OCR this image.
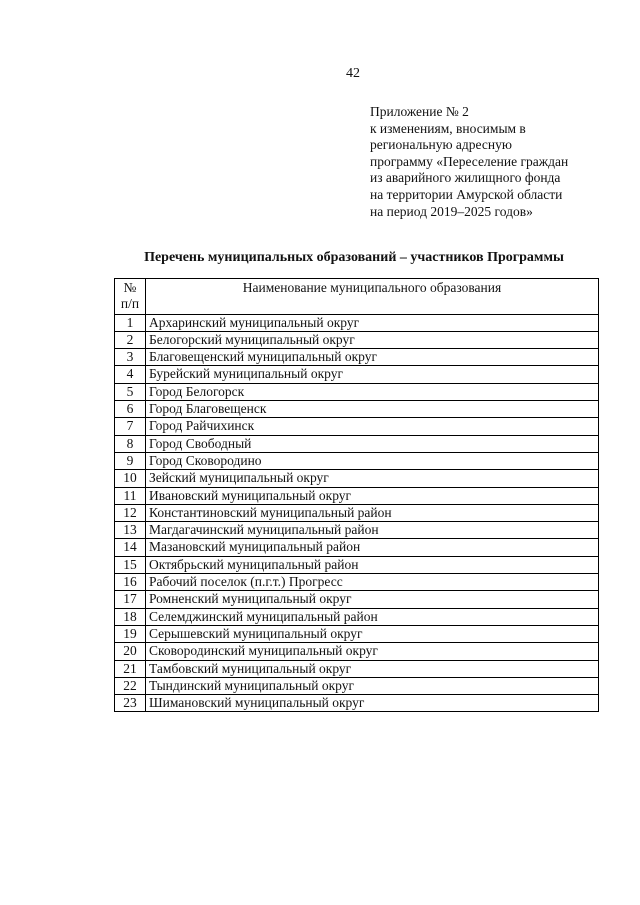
42
Приложение № 2
к изменениям, вносимым в
региональную адресную
программу «Переселение граждан
из аварийного жилищного фонда
на территории Амурской области
на период 2019–2025 годов»
Перечень муниципальных образований – участников Программы
№
п/п	Наименование муниципального образования
1	Архаринский муниципальный округ
2	Белогорский муниципальный округ
3	Благовещенский муниципальный округ
4	Бурейский муниципальный округ
5	Город Белогорск
6	Город Благовещенск
7	Город Райчихинск
8	Город Свободный
9	Город Сковородино
10	Зейский муниципальный округ
11	Ивановский муниципальный округ
12	Константиновский муниципальный район
13	Магдагачинский муниципальный район
14	Мазановский муниципальный район
15	Октябрьский муниципальный район
16	Рабочий поселок (п.г.т.) Прогресс
17	Ромненский муниципальный округ
18	Селемджинский муниципальный район
19	Серышевский муниципальный округ
20	Сковородинский муниципальный округ
21	Тамбовский муниципальный округ
22	Тындинский муниципальный округ
23	Шимановский муниципальный округ
